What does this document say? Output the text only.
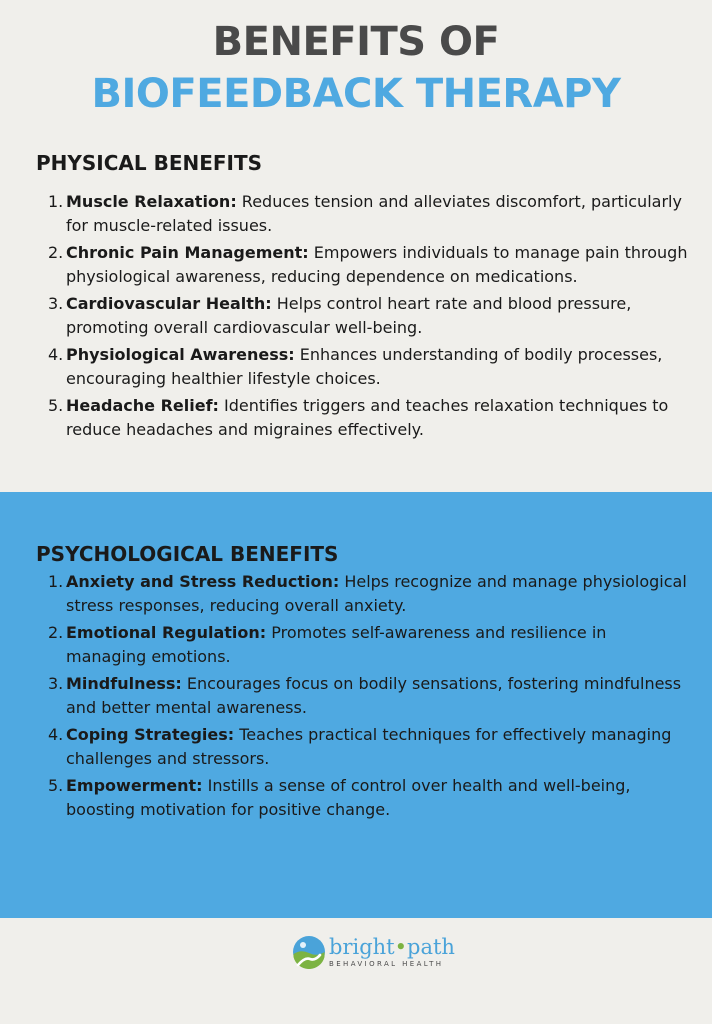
BENEFITS OF
BIOFEEDBACK THERAPY
PHYSICAL BENEFITS
1. Muscle Relaxation: Reduces tension and alleviates discomfort, particularly for muscle-related issues.
2. Chronic Pain Management: Empowers individuals to manage pain through physiological awareness, reducing dependence on medications.
3. Cardiovascular Health: Helps control heart rate and blood pressure, promoting overall cardiovascular well-being.
4. Physiological Awareness: Enhances understanding of bodily processes, encouraging healthier lifestyle choices.
5. Headache Relief: Identifies triggers and teaches relaxation techniques to reduce headaches and migraines effectively.
PSYCHOLOGICAL BENEFITS
1. Anxiety and Stress Reduction: Helps recognize and manage physiological stress responses, reducing overall anxiety.
2. Emotional Regulation: Promotes self-awareness and resilience in managing emotions.
3. Mindfulness: Encourages focus on bodily sensations, fostering mindfulness and better mental awareness.
4. Coping Strategies: Teaches practical techniques for effectively managing challenges and stressors.
5. Empowerment: Instills a sense of control over health and well-being, boosting motivation for positive change.
bright•path
BEHAVIORAL HEALTH
